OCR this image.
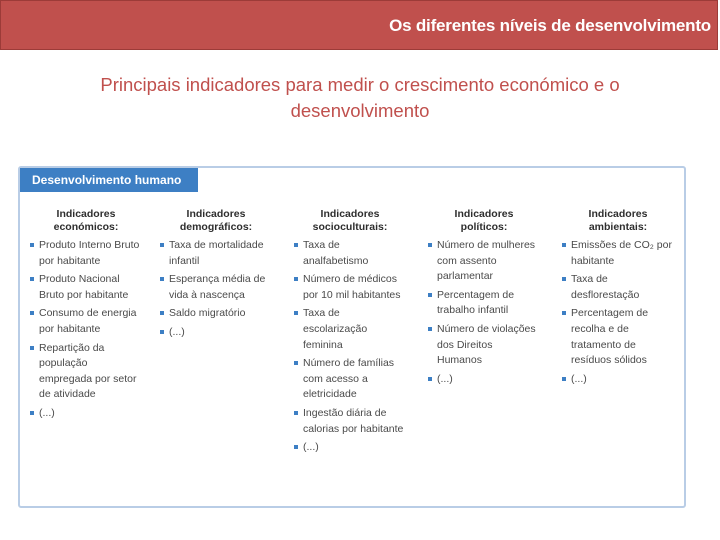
Os diferentes níveis de desenvolvimento
Principais indicadores para medir o crescimento económico e o desenvolvimento
Desenvolvimento humano
Indicadores económicos:
Produto Interno Bruto por habitante
Produto Nacional Bruto por habitante
Consumo de energia por habitante
Repartição da população empregada por setor de atividade
(...)
Indicadores demográficos:
Taxa de mortalidade infantil
Esperança média de vida à nascença
Saldo migratório
(...)
Indicadores socioculturais:
Taxa de analfabetismo
Número de médicos por 10 mil habitantes
Taxa de escolarização feminina
Número de famílias com acesso a eletricidade
Ingestão diária de calorias por habitante
(...)
Indicadores políticos:
Número de mulheres com assento parlamentar
Percentagem de trabalho infantil
Número de violações dos Direitos Humanos
(...)
Indicadores ambientais:
Emissões de CO₂ por habitante
Taxa de desflorestação
Percentagem de recolha e de tratamento de resíduos sólidos
(...)
